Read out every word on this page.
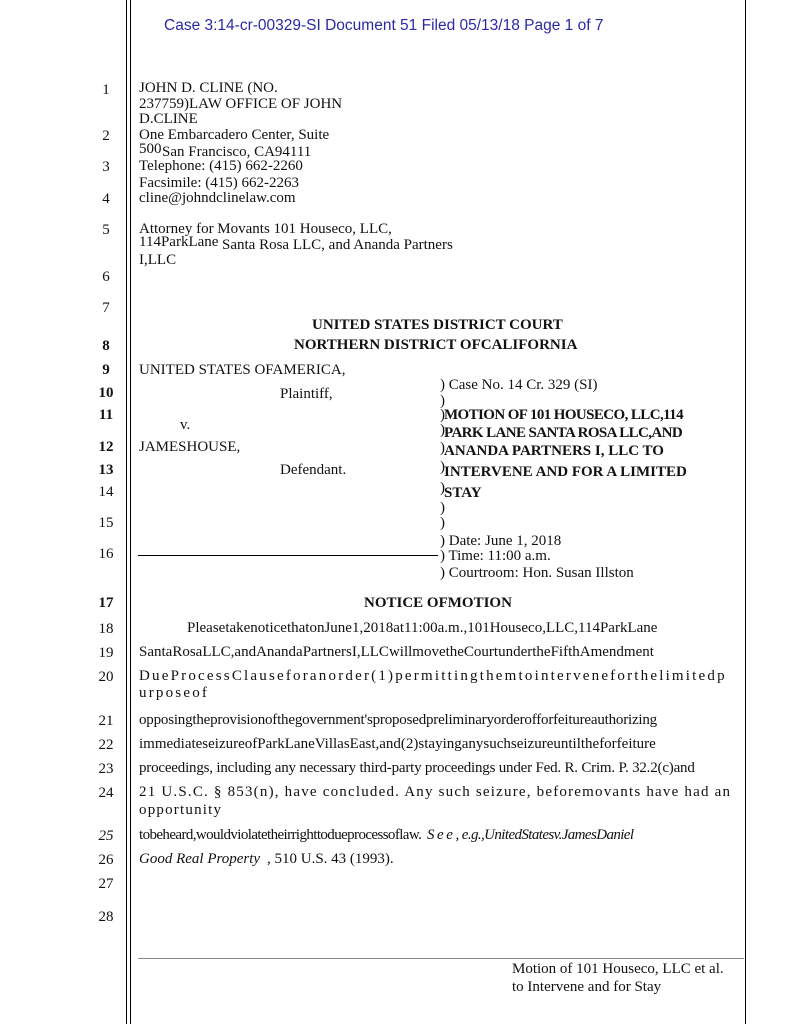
Case 3:14-cr-00329-SI Document 51 Filed 05/13/18 Page 1 of 7
1
2
3
4
5
6
7
8
9
10
11
12
13
14
15
16
17
18
19
20
21
22
23
24
25
26
27
28
JOHN D. CLINE (NO.
237759)LAW OFFICE OF JOHN
D.CLINE
One Embarcadero Center, Suite
500 San Francisco, CA94111
Telephone: (415) 662-2260
Facsimile: (415) 662-2263
cline@johndclinelaw.com
Attorney for Movants 101 Houseco, LLC,
114ParkLane Santa Rosa LLC, and Ananda Partners
I,LLC
UNITED STATES DISTRICT COURT
NORTHERN DISTRICT OFCALIFORNIA
UNITED STATES OFAMERICA,
Plaintiff,
v.
JAMESHOUSE,
Defendant.
) Case No. 14 Cr. 329 (SI)
)
) MOTION OF 101 HOUSECO, LLC,114
) PARK LANE SANTA ROSA LLC,AND
) ANANDA PARTNERS I, LLC TO
) INTERVENE AND FOR A LIMITED
) STAY
)
)
) Date: June 1, 2018
) Time: 11:00 a.m.
) Courtroom: Hon. Susan Illston
NOTICE OFMOTION
PleasetakenoticethatonJune1,2018at11:00a.m.,101Houseco,LLC,114ParkLane
SantaRosaLLC,andAnandaPartnersI,LLCwillmovetheCourtundertheFifthAmendment
DueProcessClauseforanorder(1)permittingthemtointerveneforthelimitedp
urposeof
opposingtheprovisionofthegovernment'sproposedpreliminaryorderofforfeitureauthorizing
immediateseizureofParkLaneVillasEast,and(2)stayinganysuchseizureuntiltheforfeiture
proceedings, including any necessary third-party proceedings under Fed. R. Crim. P. 32.2(c)and
21 U.S.C. § 853(n), have concluded. Any such seizure, beforemovants have had an
opportunity
tobeheard,wouldviolatetheirrighttodueprocessoflaw. S e e , e.g.,UnitedStatesv.JamesDaniel
Good Real Property , 510 U.S. 43 (1993).
Motion of 101 Houseco, LLC et al.
to Intervene and for Stay
